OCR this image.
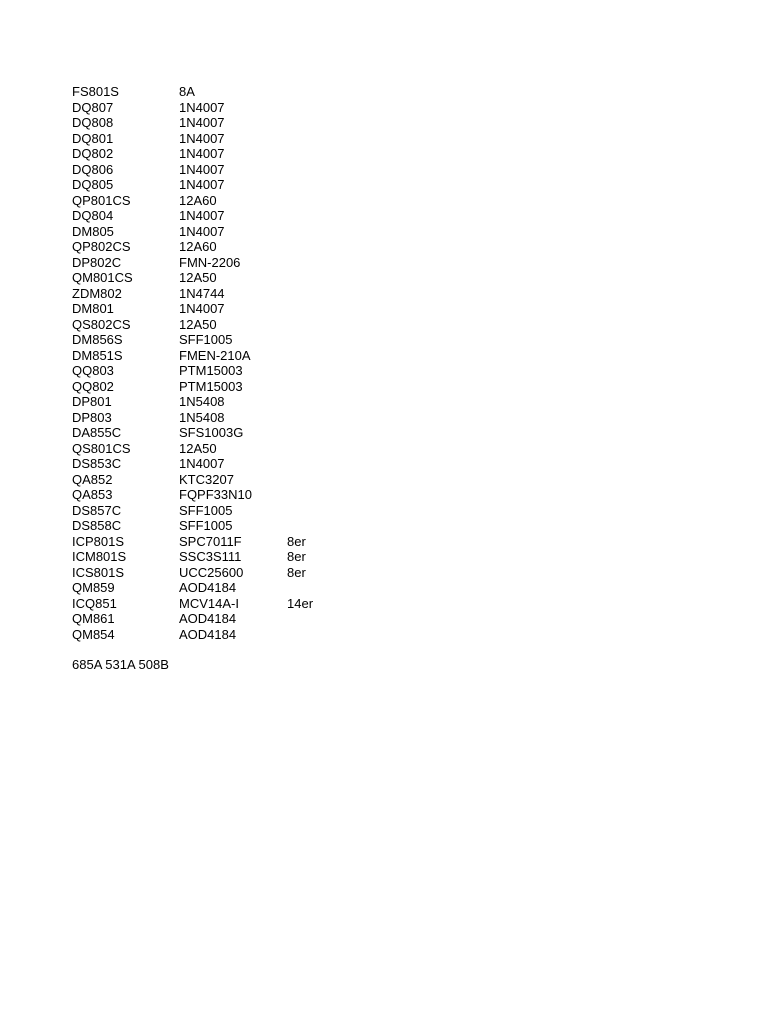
FS801S	8A	
DQ807	1N4007	
DQ808	1N4007	
DQ801	1N4007	
DQ802	1N4007	
DQ806	1N4007	
DQ805	1N4007	
QP801CS	12A60	
DQ804	1N4007	
DM805	1N4007	
QP802CS	12A60	
DP802C	FMN-2206	
QM801CS	12A50	
ZDM802	1N4744	
DM801	1N4007	
QS802CS	12A50	
DM856S	SFF1005	
DM851S	FMEN-210A	
QQ803	PTM15003	
QQ802	PTM15003	
DP801	1N5408	
DP803	1N5408	
DA855C	SFS1003G	
QS801CS	12A50	
DS853C	1N4007	
QA852	KTC3207	
QA853	FQPF33N10	
DS857C	SFF1005	
DS858C	SFF1005	
ICP801S	SPC7011F	8er
ICM801S	SSC3S111	8er
ICS801S	UCC25600	8er
QM859	AOD4184	
ICQ851	MCV14A-I	14er
QM861	AOD4184	
QM854	AOD4184	
685A 531A 508B
